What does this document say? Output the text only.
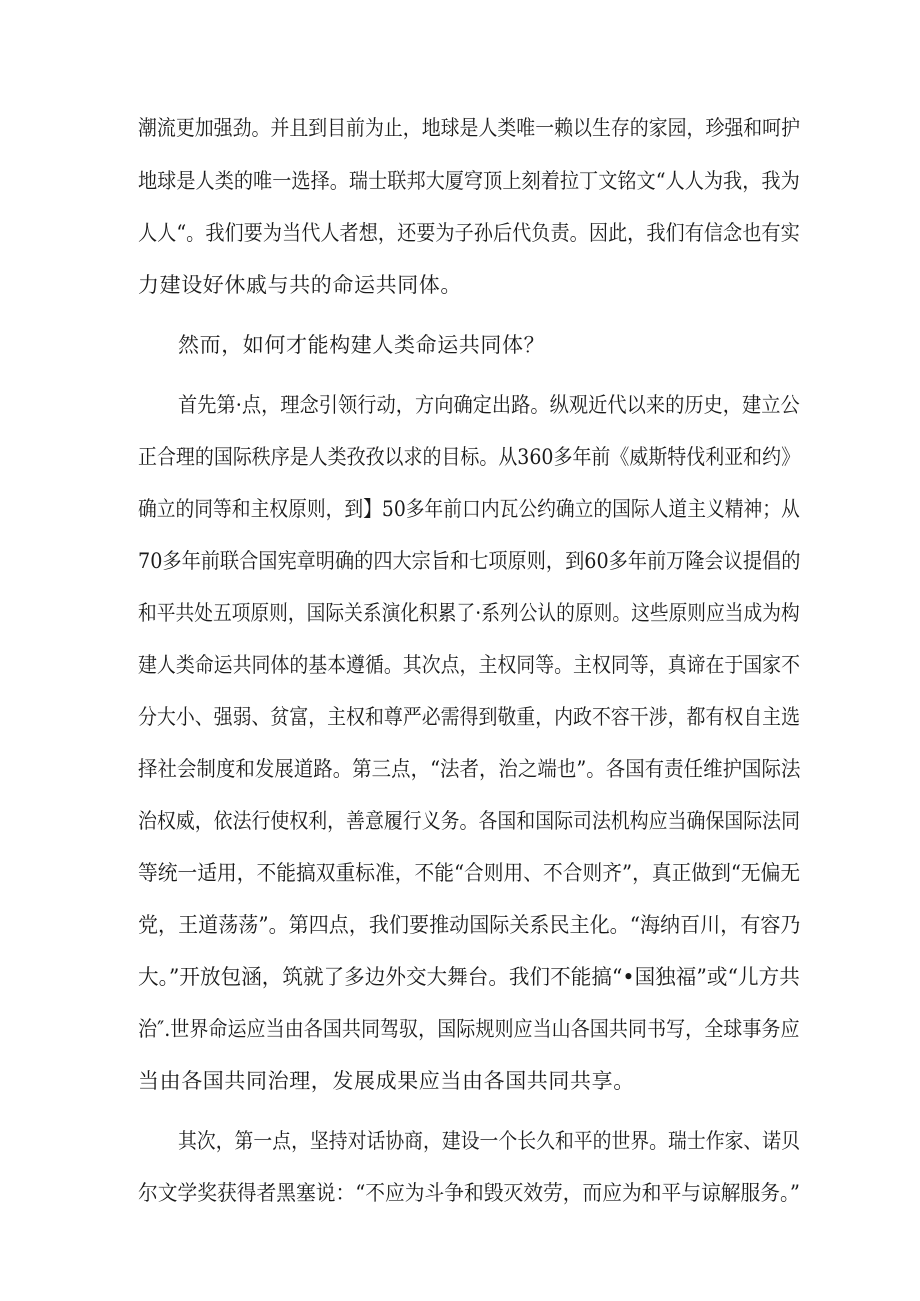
潮流更加强劲。并且到目前为止，地球是人类唯一赖以生存的家园，珍强和呵护

地球是人类的唯一选择。瑞士联邦大厦穹顶上刻着拉丁文铭文“人人为我，我为

人人“。我们要为当代人者想，还要为子孙后代负责。因此，我们有信念也有实

力建设好休戚与共的命运共同体。

然而，如何才能构建人类命运共同体？

首先第·点，理念引领行动，方向确定出路。纵观近代以来的历史，建立公

正合理的国际秩序是人类孜孜以求的目标。从360多年前《威斯特伐利亚和约》

确立的同等和主权原则，到】50多年前口内瓦公约确立的国际人道主义精神；从

70多年前联合国宪章明确的四大宗旨和七项原则，到60多年前万隆会议提倡的

和平共处五项原则，国际关系演化积累了·系列公认的原则。这些原则应当成为构

建人类命运共同体的基本遵循。其次点，主权同等。主权同等，真谛在于国家不

分大小、强弱、贫富，主权和尊严必需得到敬重，内政不容干涉，都有权自主选

择社会制度和发展道路。第三点，“法者，治之端也”。各国有责任维护国际法

治权威，依法行使权利，善意履行义务。各国和国际司法机构应当确保国际法同

等统一适用，不能搞双重标准，不能“合则用、不合则齐”，真正做到“无偏无

党，王道荡荡”。第四点，我们要推动国际关系民主化。“海纳百川，有容乃

大。”开放包涵，筑就了多边外交大舞台。我们不能搞“•国独福”或“儿方共

治″.世界命运应当由各国共同驾驭，国际规则应当山各国共同书写，全球事务应

当由各国共同治理，发展成果应当由各国共同共享。

其次，第一点，坚持对话协商，建设一个长久和平的世界。瑞士作家、诺贝

尔文学奖获得者黑塞说：“不应为斗争和毁灭效劳，而应为和平与谅解服务。”
